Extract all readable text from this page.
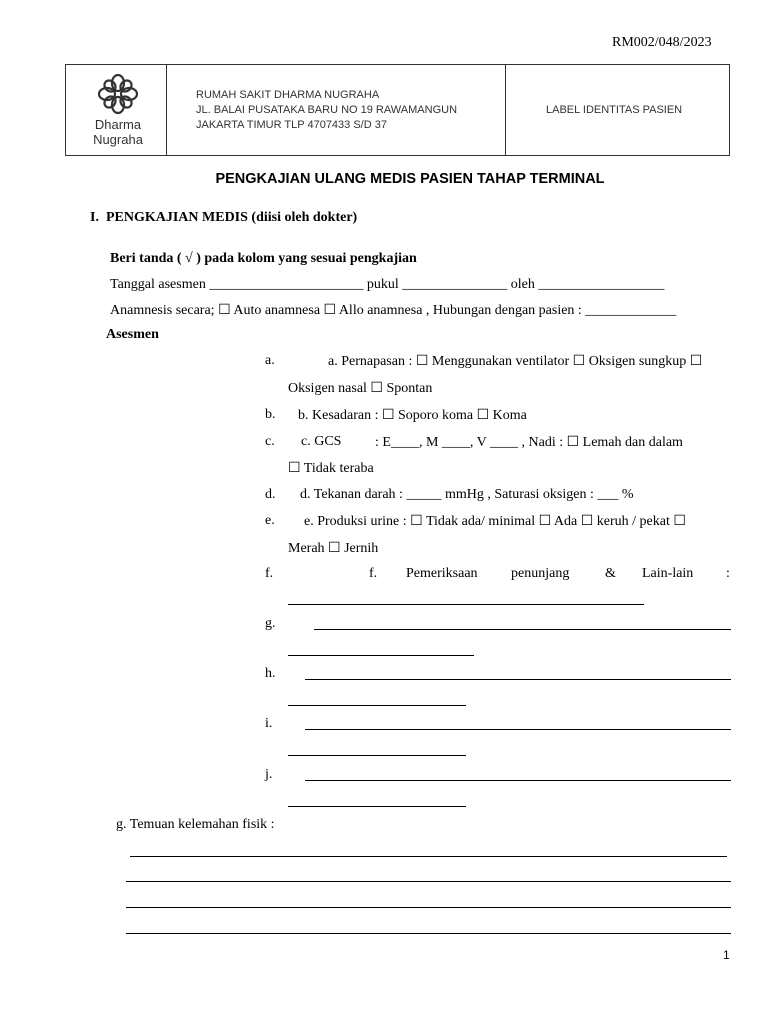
RM002/048/2023
Dharma
Nugraha
RUMAH SAKIT DHARMA NUGRAHA
JL. BALAI PUSATAKA BARU NO 19 RAWAMANGUN
JAKARTA TIMUR TLP 4707433 S/D 37
LABEL IDENTITAS PASIEN
PENGKAJIAN ULANG MEDIS PASIEN TAHAP TERMINAL
I. PENGKAJIAN MEDIS (diisi oleh dokter)
Beri tanda ( √ ) pada kolom yang sesuai pengkajian
Tanggal asesmen ______________________ pukul _______________ oleh __________________
Anamnesis secara; ☐ Auto anamnesa ☐ Allo anamnesa , Hubungan dengan pasien : _____________
Asesmen
a.	a. Pernapasan : ☐ Menggunakan ventilator ☐ Oksigen sungkup ☐
Oksigen nasal ☐ Spontan
b. b. Kesadaran : ☐ Soporo koma ☐ Koma
c. c. GCS : E____, M ____, V ____ , Nadi : ☐ Lemah dan dalam
☐ Tidak teraba
d. d. Tekanan darah : _____ mmHg , Saturasi oksigen : ___ %
e. e. Produksi urine : ☐ Tidak ada/ minimal ☐ Ada ☐ keruh / pekat ☐
Merah ☐ Jernih
f.	f. Pemeriksaan penunjang	& Lain-lain :
g.
h.
i.
j.
g. Temuan kelemahan fisik :
1
